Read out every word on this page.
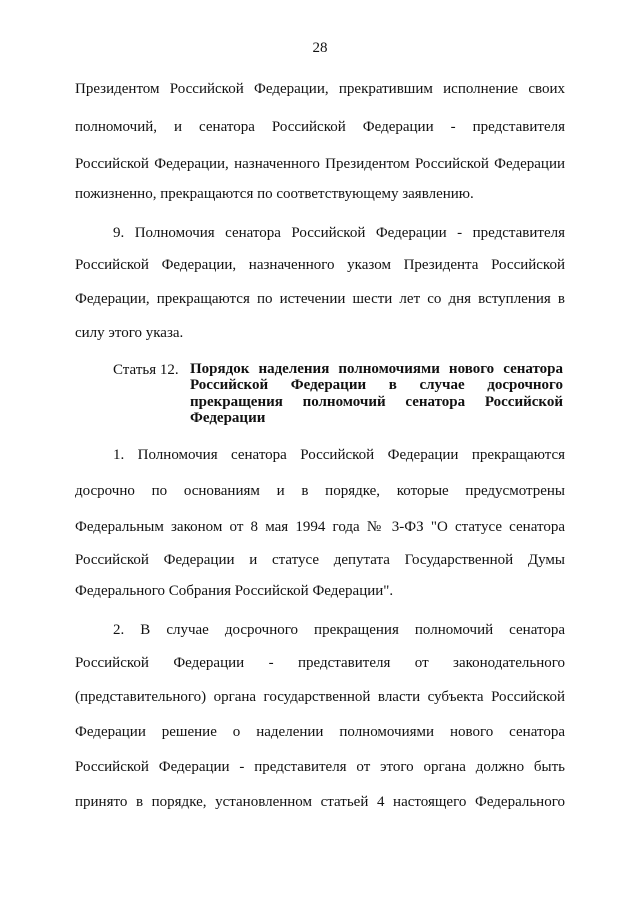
28
Президентом Российской Федерации, прекратившим исполнение своих
полномочий, и сенатора Российской Федерации - представителя
Российской Федерации, назначенного Президентом Российской Федерации
пожизненно, прекращаются по соответствующему заявлению.
9. Полномочия сенатора Российской Федерации - представителя
Российской Федерации, назначенного указом Президента Российской
Федерации, прекращаются по истечении шести лет со дня вступления в
силу этого указа.
Статья 12. Порядок наделения полномочиями нового сенатора
Российской Федерации в случае досрочного
прекращения полномочий сенатора Российской
Федерации
1. Полномочия сенатора Российской Федерации прекращаются
досрочно по основаниям и в порядке, которые предусмотрены
Федеральным законом от 8 мая 1994 года № 3-ФЗ "О статусе сенатора
Российской Федерации и статусе депутата Государственной Думы
Федерального Собрания Российской Федерации".
2. В случае досрочного прекращения полномочий сенатора
Российской Федерации - представителя от законодательного
(представительного) органа государственной власти субъекта Российской
Федерации решение о наделении полномочиями нового сенатора
Российской Федерации - представителя от этого органа должно быть
принято в порядке, установленном статьей 4 настоящего Федерального
